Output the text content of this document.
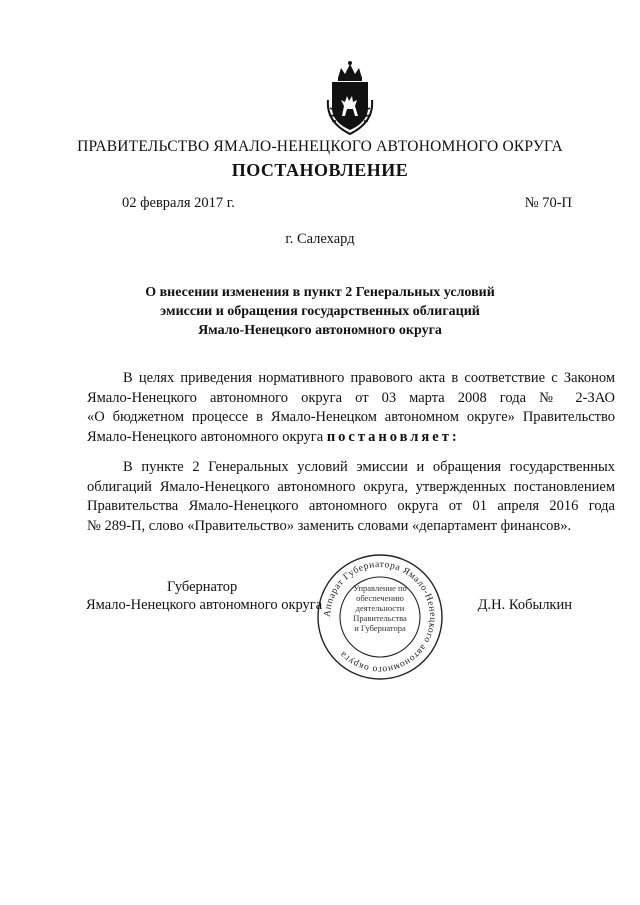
ПРАВИТЕЛЬСТВО ЯМАЛО-НЕНЕЦКОГО АВТОНОМНОГО ОКРУГА
ПОСТАНОВЛЕНИЕ
02 февраля 2017 г.	№ 70-П
г. Салехард
О внесении изменения в пункт 2 Генеральных условий
эмиссии и обращения государственных облигаций
Ямало-Ненецкого автономного округа
В целях приведения нормативного правового акта в соответствие с Законом
Ямало-Ненецкого автономного округа от 03 марта 2008 года № 2-ЗАО
«О бюджетном процессе в Ямало-Ненецком автономном округе» Правительство
Ямало-Ненецкого автономного округа постановляет:
В пункте 2 Генеральных условий эмиссии и обращения государственных
облигаций Ямало-Ненецкого автономного округа, утвержденных постановлением
Правительства Ямало-Ненецкого автономного округа от 01 апреля 2016 года
№ 289-П, слово «Правительство» заменить словами «департамент финансов».
Губернатор
Ямало-Ненецкого автономного округа	Д.Н. Кобылкин
Аппарат Губернатора Ямало-Ненецкого автономного округа
Управление по
обеспечению
деятельности
Правительства
и Губернатора
